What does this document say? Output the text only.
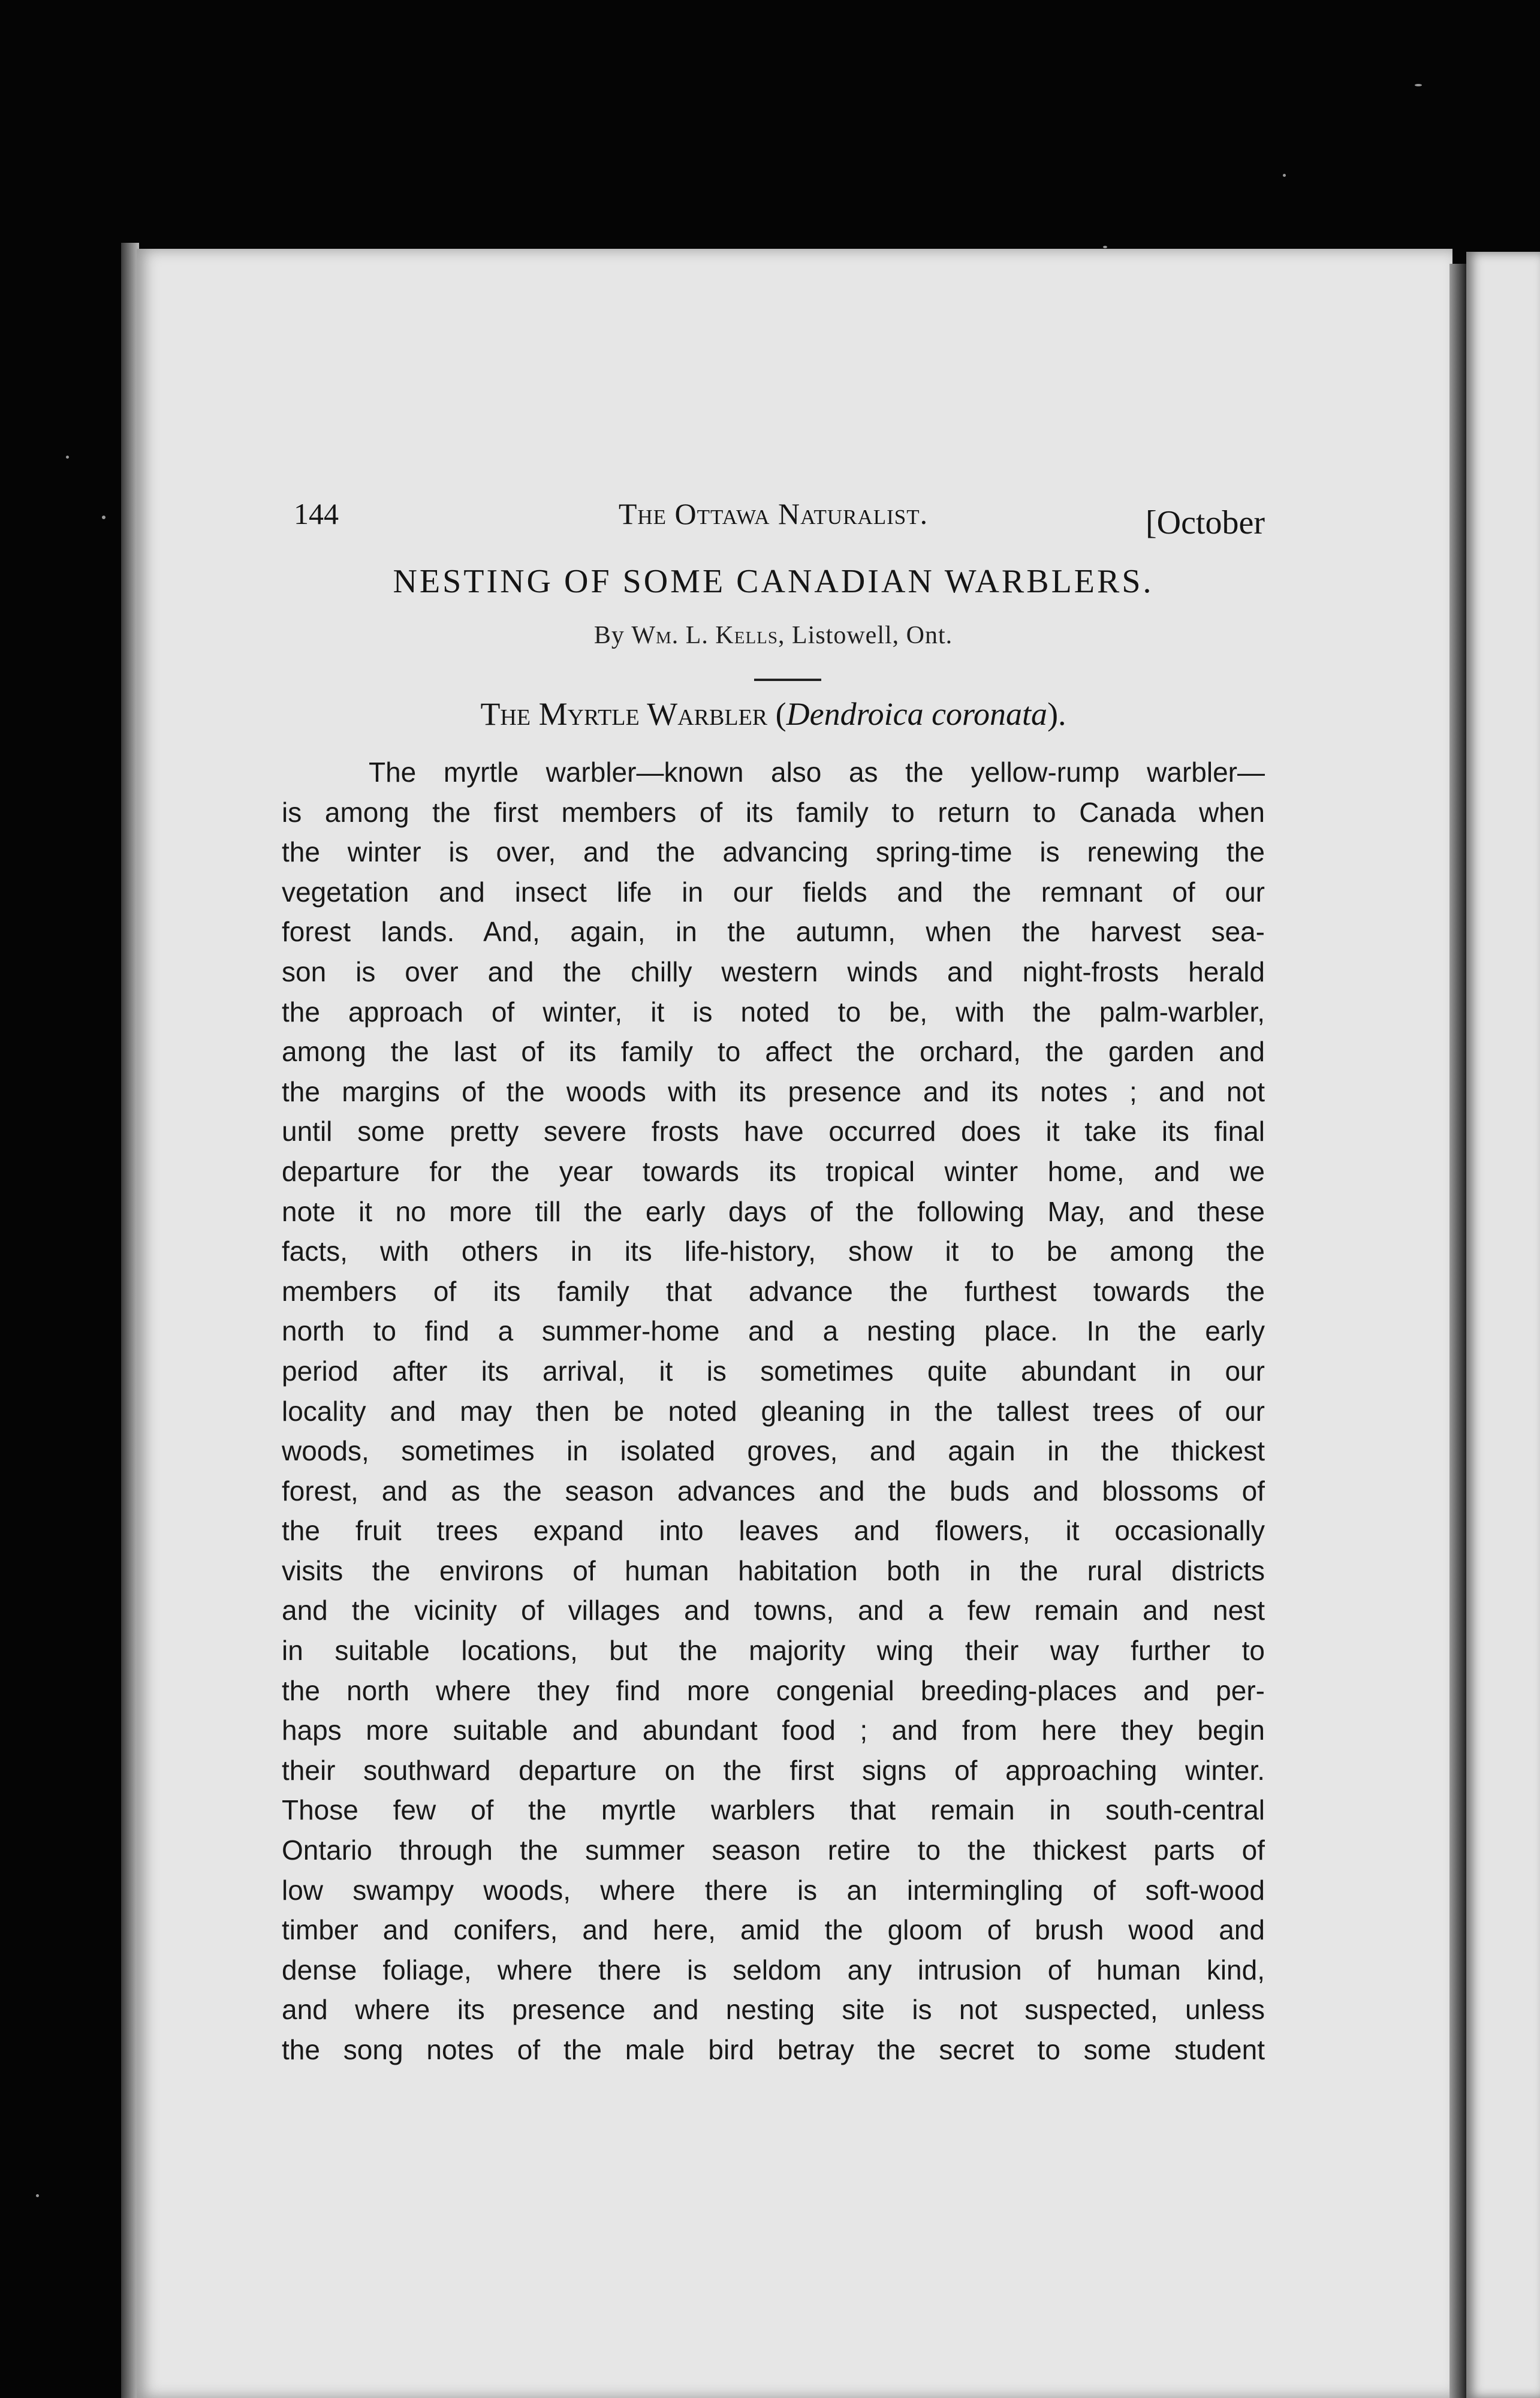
144	The Ottawa Naturalist.	[October
NESTING OF SOME CANADIAN WARBLERS.
By Wm. L. Kells, Listowell, Ont.
The Myrtle Warbler (Dendroica coronata).
The myrtle warbler—known also as the yellow-rump warbler—
is among the first members of its family to return to Canada when
the winter is over, and the advancing spring-time is renewing the
vegetation and insect life in our fields and the remnant of our
forest lands. And, again, in the autumn, when the harvest sea-
son is over and the chilly western winds and night-frosts herald
the approach of winter, it is noted to be, with the palm-warbler,
among the last of its family to affect the orchard, the garden and
the margins of the woods with its presence and its notes ; and not
until some pretty severe frosts have occurred does it take its final
departure for the year towards its tropical winter home, and we
note it no more till the early days of the following May, and these
facts, with others in its life-history, show it to be among the
members of its family that advance the furthest towards the
north to find a summer-home and a nesting place. In the early
period after its arrival, it is sometimes quite abundant in our
locality and may then be noted gleaning in the tallest trees of our
woods, sometimes in isolated groves, and again in the thickest
forest, and as the season advances and the buds and blossoms of
the fruit trees expand into leaves and flowers, it occasionally
visits the environs of human habitation both in the rural districts
and the vicinity of villages and towns, and a few remain and nest
in suitable locations, but the majority wing their way further to
the north where they find more congenial breeding-places and per-
haps more suitable and abundant food ; and from here they begin
their southward departure on the first signs of approaching winter.
Those few of the myrtle warblers that remain in south-central
Ontario through the summer season retire to the thickest parts of
low swampy woods, where there is an intermingling of soft-wood
timber and conifers, and here, amid the gloom of brush wood and
dense foliage, where there is seldom any intrusion of human kind,
and where its presence and nesting site is not suspected, unless
the song notes of the male bird betray the secret to some student
